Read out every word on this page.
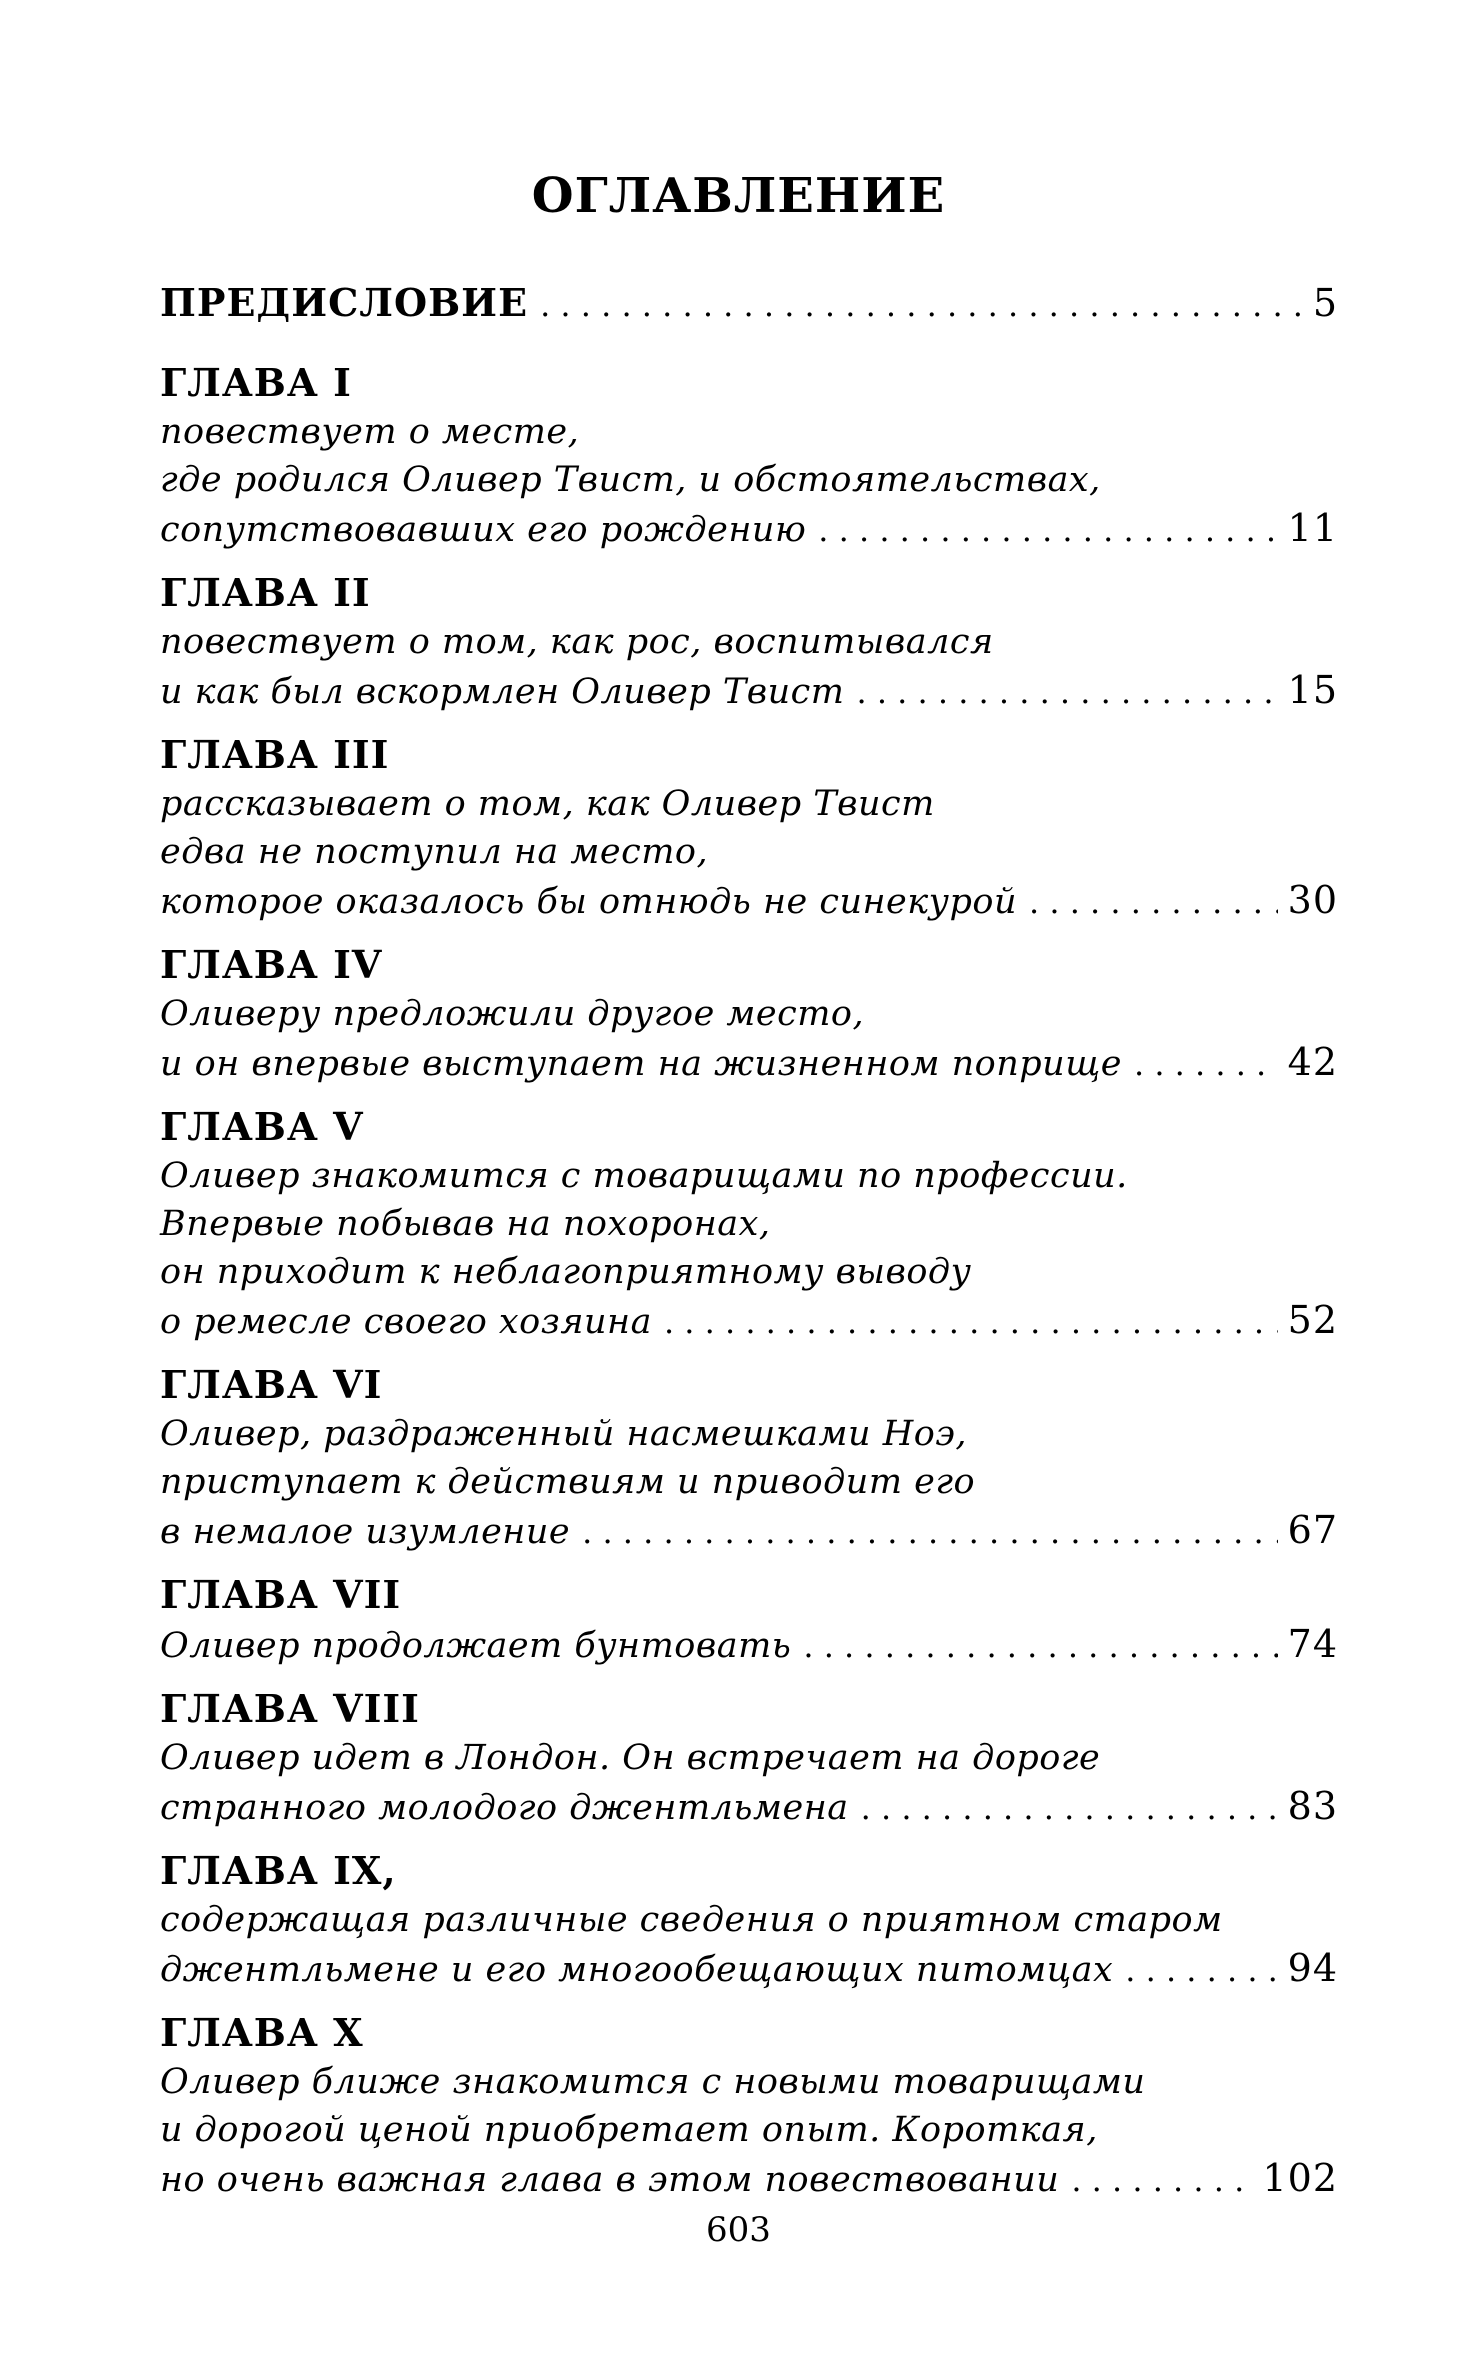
ОГЛАВЛЕНИЕ
ПРЕДИСЛОВИЕ . . .	5
ГЛАВА I
повествует о месте,
где родился Оливер Твист, и обстоятельствах,
сопутствовавших его рождению . . .	11
ГЛАВА II
повествует о том, как рос, воспитывался
и как был вскормлен Оливер Твист . . .	15
ГЛАВА III
рассказывает о том, как Оливер Твист
едва не поступил на место,
которое оказалось бы отнюдь не синекурой . . .	30
ГЛАВА IV
Оливеру предложили другое место,
и он впервые выступает на жизненном поприще . . .	42
ГЛАВА V
Оливер знакомится с товарищами по профессии.
Впервые побывав на похоронах,
он приходит к неблагоприятному выводу
о ремесле своего хозяина . . .	52
ГЛАВА VI
Оливер, раздраженный насмешками Ноэ,
приступает к действиям и приводит его
в немалое изумление . . .	67
ГЛАВА VII
Оливер продолжает бунтовать . . .	74
ГЛАВА VIII
Оливер идет в Лондон. Он встречает на дороге
странного молодого джентльмена . . .	83
ГЛАВА IX,
содержащая различные сведения о приятном старом
джентльмене и его многообещающих питомцах . . .	94
ГЛАВА X
Оливер ближе знакомится с новыми товарищами
и дорогой ценой приобретает опыт. Короткая,
но очень важная глава в этом повествовании . . .	102
603
